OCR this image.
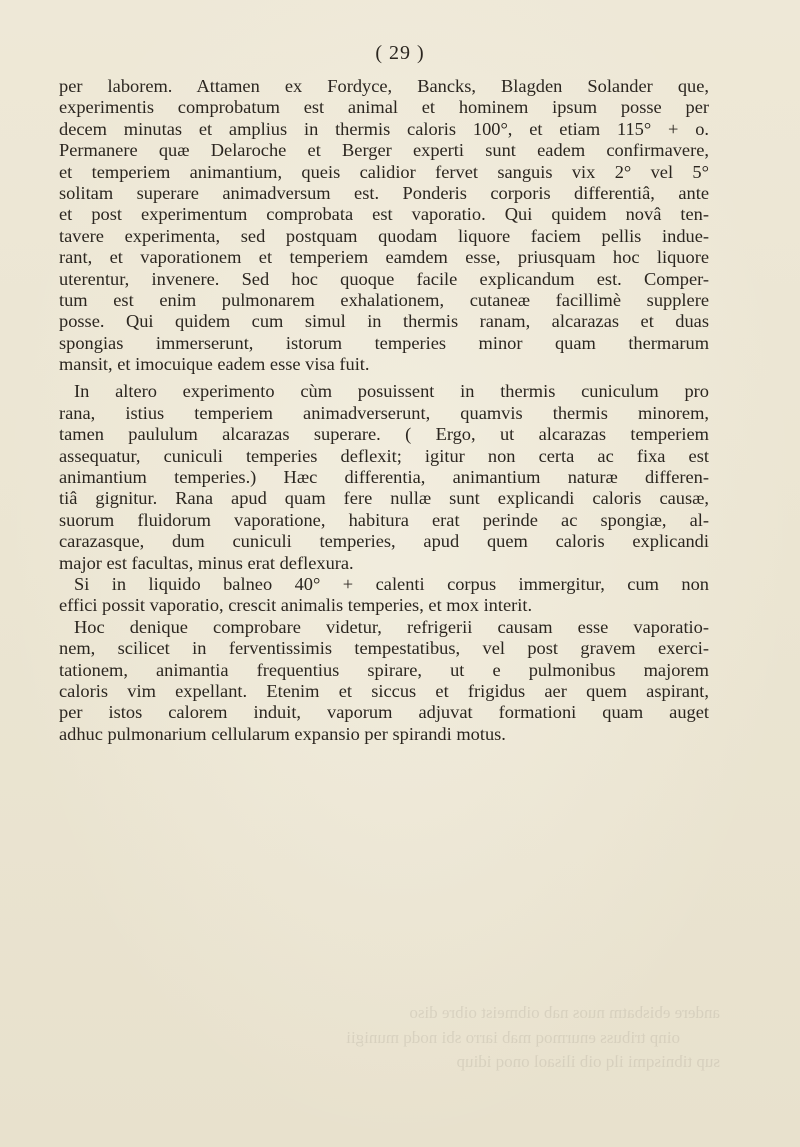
andere ebisbatm nuos nab oibmeist oibre diso
oinp tribuss enurmoq mab iarro sbi nodq munigii
sup tibnisqmi ilq oib ilisaol onoq idiup
( 29 )
per laborem. Attamen ex Fordyce, Bancks, Blagden Solander que,
experimentis comprobatum est animal et hominem ipsum posse per
decem minutas et amplius in thermis caloris 100°, et etiam 115° + o.
Permanere quæ Delaroche et Berger experti sunt eadem confirmavere,
et temperiem animantium, queis calidior fervet sanguis vix 2° vel 5°
solitam superare animadversum est. Ponderis corporis differentiâ, ante
et post experimentum comprobata est vaporatio. Qui quidem novâ ten-
tavere experimenta, sed postquam quodam liquore faciem pellis indue-
rant, et vaporationem et temperiem eamdem esse, priusquam hoc liquore
uterentur, invenere. Sed hoc quoque facile explicandum est. Comper-
tum est enim pulmonarem exhalationem, cutaneæ facillimè supplere
posse. Qui quidem cum simul in thermis ranam, alcarazas et duas
spongias immerserunt, istorum temperies minor quam thermarum
mansit, et imocuique eadem esse visa fuit.
In altero experimento cùm posuissent in thermis cuniculum pro
rana, istius temperiem animadverserunt, quamvis thermis minorem,
tamen paululum alcarazas superare. ( Ergo, ut alcarazas temperiem
assequatur, cuniculi temperies deflexit; igitur non certa ac fixa est
animantium temperies.) Hæc differentia, animantium naturæ differen-
tiâ gignitur. Rana apud quam fere nullæ sunt explicandi caloris causæ,
suorum fluidorum vaporatione, habitura erat perinde ac spongiæ, al-
carazasque, dum cuniculi temperies, apud quem caloris explicandi
major est facultas, minus erat deflexura.
Si in liquido balneo 40° + calenti corpus immergitur, cum non
effici possit vaporatio, crescit animalis temperies, et mox interit.
Hoc denique comprobare videtur, refrigerii causam esse vaporatio-
nem, scilicet in ferventissimis tempestatibus, vel post gravem exerci-
tationem, animantia frequentius spirare, ut e pulmonibus majorem
caloris vim expellant. Etenim et siccus et frigidus aer quem aspirant,
per istos calorem induit, vaporum adjuvat formationi quam auget
adhuc pulmonarium cellularum expansio per spirandi motus.
